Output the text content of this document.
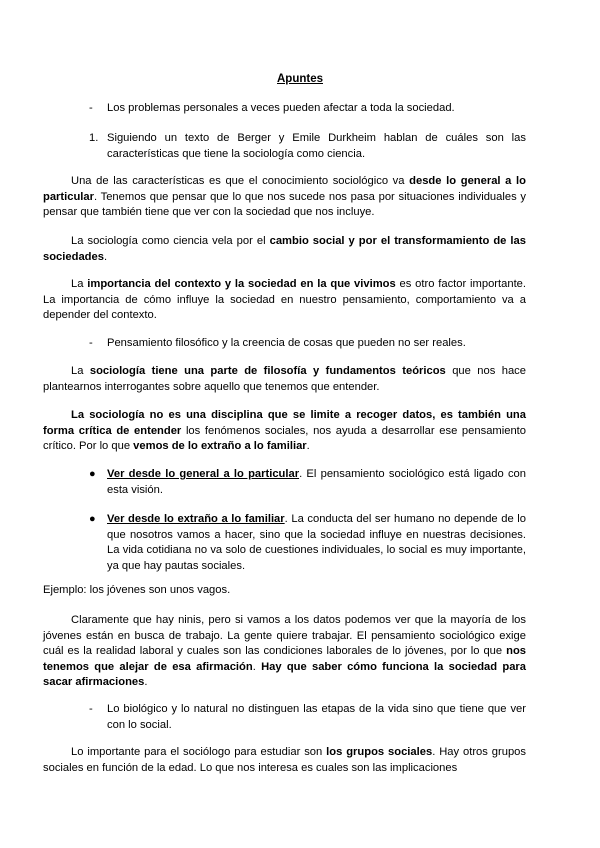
Apuntes
-	Los problemas personales a veces pueden afectar a toda la sociedad.
1. Siguiendo un texto de Berger y Emile Durkheim hablan de cuáles son las características que tiene la sociología como ciencia.
Una de las características es que el conocimiento sociológico va desde lo general a lo particular. Tenemos que pensar que lo que nos sucede nos pasa por situaciones individuales y pensar que también tiene que ver con la sociedad que nos incluye.
La sociología como ciencia vela por el cambio social y por el transformamiento de las sociedades.
La importancia del contexto y la sociedad en la que vivimos es otro factor importante. La importancia de cómo influye la sociedad en nuestro pensamiento, comportamiento va a depender del contexto.
-	Pensamiento filosófico y la creencia de cosas que pueden no ser reales.
La sociología tiene una parte de filosofía y fundamentos teóricos que nos hace plantearnos interrogantes sobre aquello que tenemos que entender.
La sociología no es una disciplina que se limite a recoger datos, es también una forma crítica de entender los fenómenos sociales, nos ayuda a desarrollar ese pensamiento crítico. Por lo que vemos de lo extraño a lo familiar.
●	Ver desde lo general a lo particular. El pensamiento sociológico está ligado con esta visión.
●	Ver desde lo extraño a lo familiar. La conducta del ser humano no depende de lo que nosotros vamos a hacer, sino que la sociedad influye en nuestras decisiones. La vida cotidiana no va solo de cuestiones individuales, lo social es muy importante, ya que hay pautas sociales.
Ejemplo: los jóvenes son unos vagos.
Claramente que hay ninis, pero si vamos a los datos podemos ver que la mayoría de los jóvenes están en busca de trabajo. La gente quiere trabajar. El pensamiento sociológico exige cuál es la realidad laboral y cuales son las condiciones laborales de lo jóvenes, por lo que nos tenemos que alejar de esa afirmación. Hay que saber cómo funciona la sociedad para sacar afirmaciones.
-	Lo biológico y lo natural no distinguen las etapas de la vida sino que tiene que ver con lo social.
Lo importante para el sociólogo para estudiar son los grupos sociales. Hay otros grupos sociales en función de la edad. Lo que nos interesa es cuales son las implicaciones
